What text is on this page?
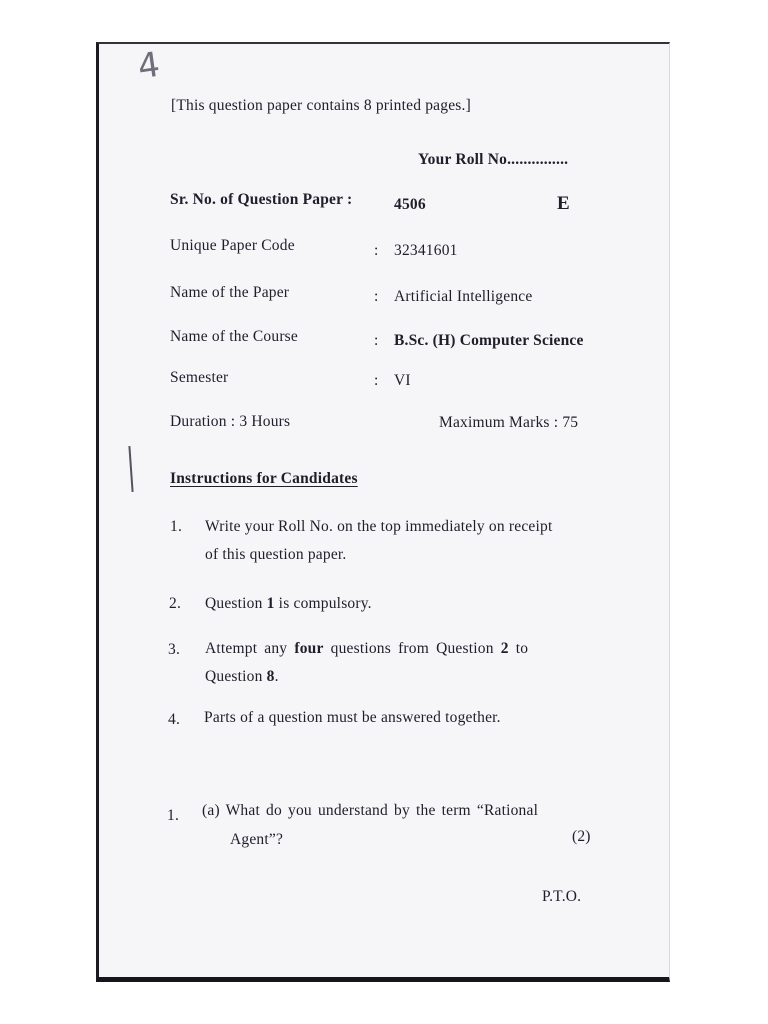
4
[This question paper contains 8 printed pages.]
Your Roll No...............
Sr. No. of Question Paper :	4506	E
Unique Paper Code	: 32341601
Name of the Paper	: Artificial Intelligence
Name of the Course	: B.Sc. (H) Computer Science
Semester	: VI
Duration : 3 Hours	Maximum Marks : 75
Instructions for Candidates
1. Write your Roll No. on the top immediately on receipt
of this question paper.
2. Question 1 is compulsory.
3. Attempt any four questions from Question 2 to
Question 8.
4. Parts of a question must be answered together.
1. (a) What do you understand by the term “Rational
Agent”?	(2)
P.T.O.
